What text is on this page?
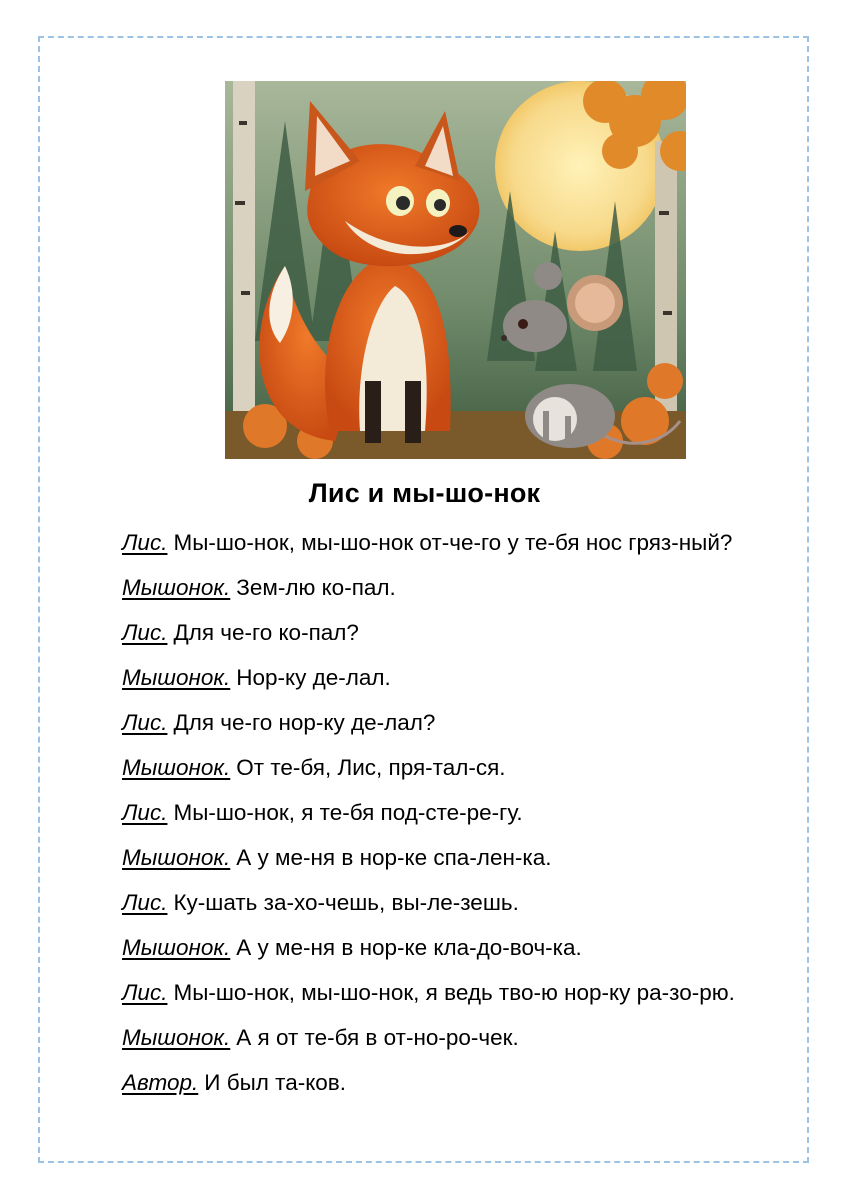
Лис и мы-шо-нок
Лис. Мы-шо-нок, мы-шо-нок от-че-го у те-бя нос гряз-ный?
Мышонок. Зем-лю ко-пал.
Лис. Для че-го ко-пал?
Мышонок. Нор-ку де-лал.
Лис. Для че-го нор-ку де-лал?
Мышонок. От те-бя, Лис, пря-тал-ся.
Лис. Мы-шо-нок, я те-бя под-сте-ре-гу.
Мышонок. А у ме-ня в нор-ке спа-лен-ка.
Лис. Ку-шать за-хо-чешь, вы-ле-зешь.
Мышонок. А у ме-ня в нор-ке кла-до-воч-ка.
Лис. Мы-шо-нок, мы-шо-нок, я ведь тво-ю нор-ку ра-зо-рю.
Мышонок. А я от те-бя в от-но-ро-чек.
Автор. И был та-ков.
